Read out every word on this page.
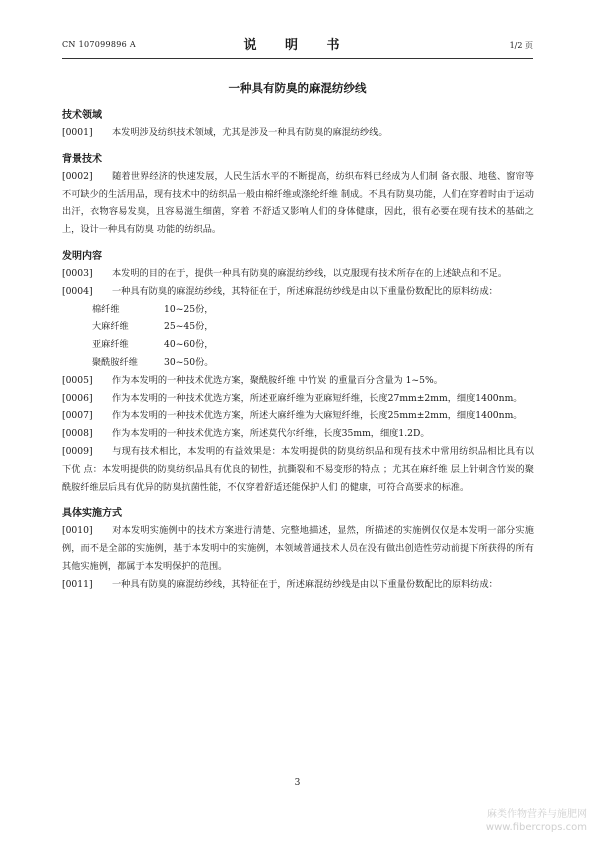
CN 107099896 A	说 明 书	1/2 页
一种具有防臭的麻混纺纱线
技术领域
[0001] 本发明涉及纺织技术领域，尤其是涉及一种具有防臭的麻混纺纱线。
背景技术
[0002] 随着世界经济的快速发展，人民生活水平的不断提高，纺织布料已经成为人们制 备衣服、地毯、窗帘等不可缺少的生活用品，现有技术中的纺织品一般由棉纤维或涤纶纤维 制成。不具有防臭功能，人们在穿着时由于运动出汗，衣物容易发臭，且容易滋生细菌，穿着 不舒适又影响人们的身体健康，因此，很有必要在现有技术的基础之上，设计一种具有防臭 功能的纺织品。
发明内容
[0003] 本发明的目的在于，提供一种具有防臭的麻混纺纱线，以克服现有技术所存在的上述缺点和不足。
[0004] 一种具有防臭的麻混纺纱线，其特征在于，所述麻混纺纱线是由以下重量份数配比的原料纺成：
棉纤维	10~25份，
大麻纤维	25~45份，
亚麻纤维	40~60份，
聚酰胺纤维	30~50份。
[0005] 作为本发明的一种技术优选方案，聚酰胺纤维 中竹炭 的重量百分含量为 1~5%。
[0006] 作为本发明的一种技术优选方案，所述亚麻纤维为亚麻短纤维，长度27mm±2mm，细度1400nm。
[0007] 作为本发明的一种技术优选方案，所述大麻纤维为大麻短纤维，长度25mm±2mm，细度1400nm。
[0008] 作为本发明的一种技术优选方案，所述莫代尔纤维，长度35mm，细度1.2D。
[0009] 与现有技术相比，本发明的有益效果是：本发明提供的防臭纺织品和现有技术中常用纺织品相比具有以下优 点：本发明提供的防臭纺织品具有优良的韧性，抗撕裂和不易变形的特点 ；尤其在麻纤维 层上针刺含竹炭的聚酰胺纤维层后具有优异的防臭抗菌性能，不仅穿着舒适还能保护人们 的健康，可符合高要求的标准。
具体实施方式
[0010] 对本发明实施例中的技术方案进行清楚、完整地描述，显然，所描述的实施例仅仅是本发明一部分实施例，而不是全部的实施例，基于本发明中的实施例，本领域普通技术人员在没有做出创造性劳动前提下所获得的所有其他实施例，都属于本发明保护的范围。
[0011] 一种具有防臭的麻混纺纱线，其特征在于，所述麻混纺纱线是由以下重量份数配比的原料纺成：
3
麻类作物营养与施肥网
www.fibercrops.com
